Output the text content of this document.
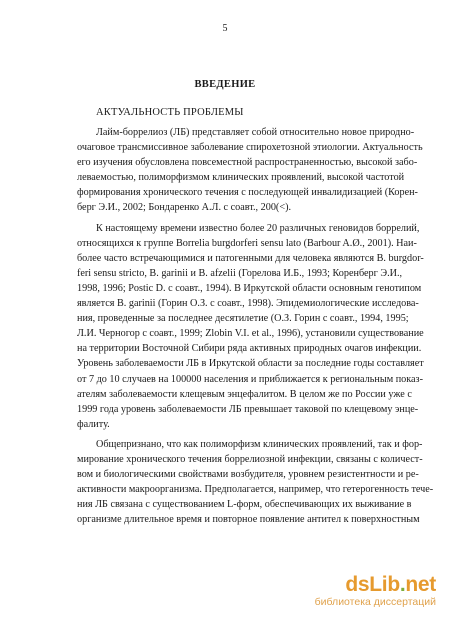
5
ВВЕДЕНИЕ
АКТУАЛЬНОСТЬ ПРОБЛЕМЫ

Лайм-боррелиоз (ЛБ) представляет собой относительно новое природно-
очаговое трансмиссивное заболевание спирохетозной этиологии. Актуальность
его изучения обусловлена повсеместной распространенностью, высокой забо-
леваемостью, полиморфизмом клинических проявлений, высокой частотой
формирования хронического течения с последующей инвалидизацией (Корен-
берг Э.И., 2002; Бондаренко А.Л. с соавт., 200(<).

К настоящему времени известно более 20 различных геновидов боррелий,
относящихся к группе Borrelia burgdorferi sensu lato (Barbour A.Ø., 2001). Наи-
более часто встречающимися и патогенными для человека являются B. burgdor-
feri sensu stricto, B. garinii и B. afzelii (Горелова И.Б., 1993; Коренберг Э.И.,
1998, 1996; Postic D. с соавт., 1994). В Иркутской области основным генотипом
является B. garinii (Горин О.З. с соавт., 1998). Эпидемиологические исследова-
ния, проведенные за последнее десятилетие (О.З. Горин с соавт., 1994, 1995;
Л.И. Черногор с соавт., 1999; Zlobin V.I. et al., 1996), установили существование
на территории Восточной Сибири ряда активных природных очагов инфекции.
Уровень заболеваемости ЛБ в Иркутской области за последние годы составляет
от 7 до 10 случаев на 100000 населения и приближается к региональным показ-
ателям заболеваемости клещевым энцефалитом. В целом же по России уже с
1999 года уровень заболеваемости ЛБ превышает таковой по клещевому энце-
фалиту.

Общепризнано, что как полиморфизм клинических проявлений, так и фор-
мирование хронического течения боррелиозной инфекции, связаны с количест-
вом и биологическими свойствами возбудителя, уровнем резистентности и ре-
активности макроорганизма. Предполагается, например, что гетерогенность тече-
ния ЛБ связана с существованием L-форм, обеспечивающих их выживание в
организме длительное время и повторное появление антител к поверхностным

dsLib.net
библиотека диссертаций
